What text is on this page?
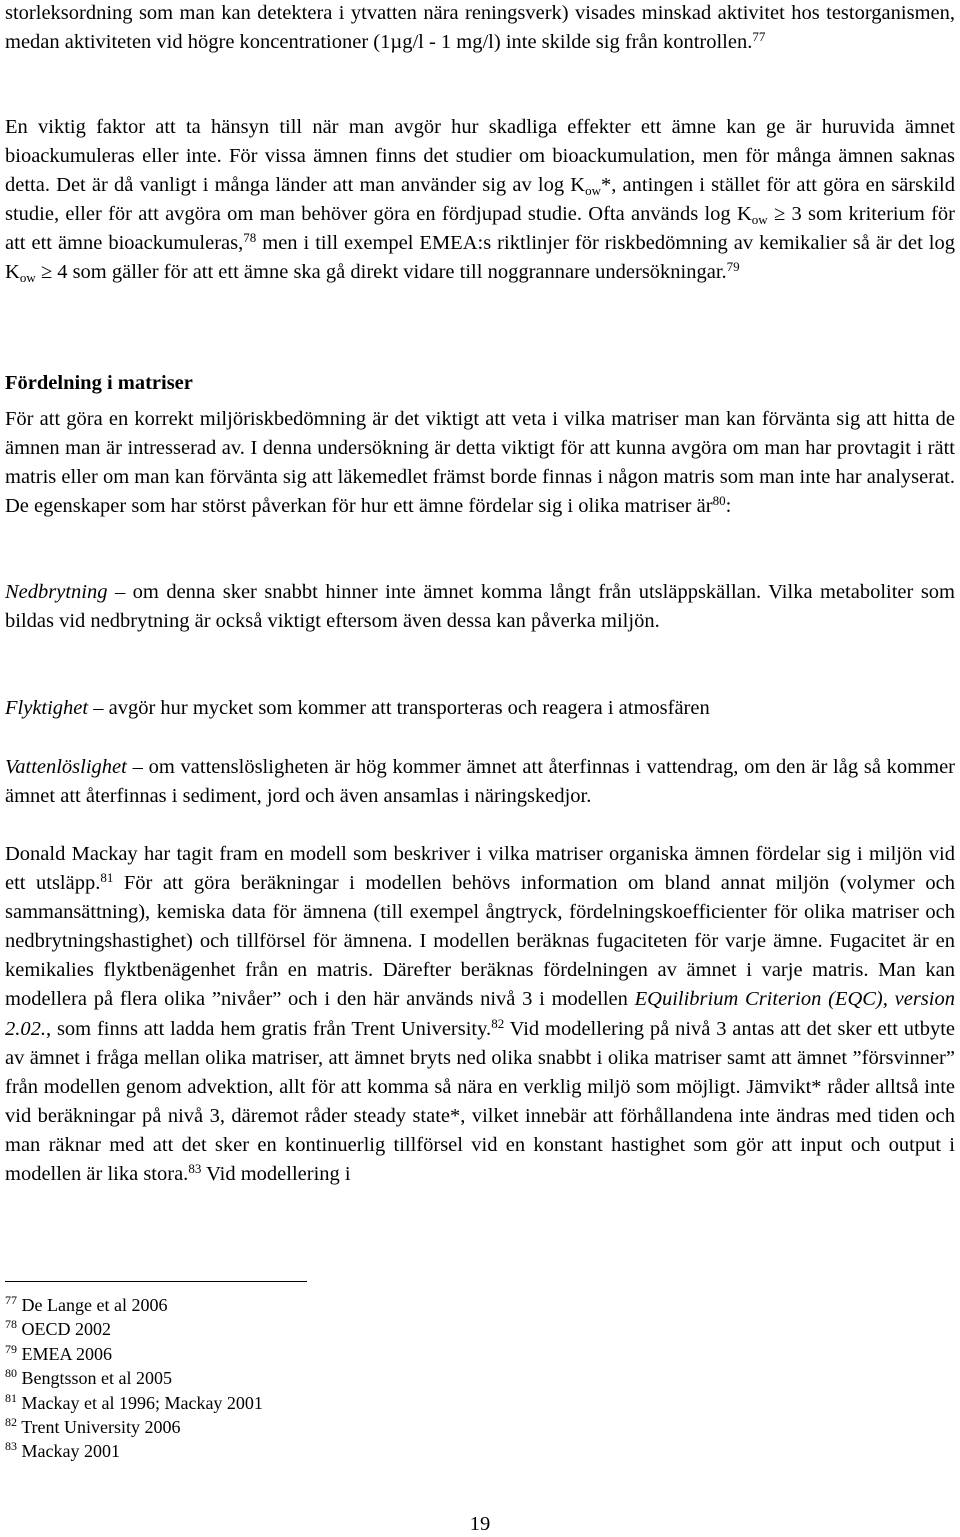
storleksordning som man kan detektera i ytvatten nära reningsverk) visades minskad aktivitet hos testorganismen, medan aktiviteten vid högre koncentrationer (1µg/l - 1 mg/l) inte skilde sig från kontrollen.$^{77}$

En viktig faktor att ta hänsyn till när man avgör hur skadliga effekter ett ämne kan ge är huruvida ämnet bioackumuleras eller inte. För vissa ämnen finns det studier om bioackumulation, men för många ämnen saknas detta. Det är då vanligt i många länder att man använder sig av $\log K_{ow}*$, antingen i stället för att göra en särskild studie, eller för att avgöra om man behöver göra en fördjupad studie. Ofta används $\log K_{ow} \ge 3$ som kriterium för att ett ämne bioackumuleras,$^{78}$ men i till exempel EMEA:s riktlinjer för riskbedömning av kemikalier så är $\det \log K_{ow} \ge 4$ som gäller för att ett ämne ska gå direkt vidare till noggrannare undersökningar.$^{79}$

Fördelning i matriser

För att göra en korrekt miljöriskbedömning är det viktigt att veta i vilka matriser man kan förvänta sig att hitta de ämnen man är intresserad av. I denna undersökning är detta viktigt för att kunna avgöra om man har provtagit i rätt matris eller om man kan förvänta sig att läkemedlet främst borde finnas i någon matris som man inte har analyserat. De egenskaper som har störst påverkan för hur ett ämne fördelar sig i olika matriser $är^{80}$:

Nedbrytning – om denna sker snabbt hinner inte ämnet komma långt från utsläppskällan. Vilka metaboliter som bildas vid nedbrytning är också viktigt eftersom även dessa kan påverka miljön.

Flyktighet – avgör hur mycket som kommer att transporteras och reagera i atmosfären

Vattenlöslighet – om vattenslösligheten är hög kommer ämnet att återfinnas i vattendrag, om den är låg så kommer ämnet att återfinnas i sediment, jord och även ansamlas i näringskedjor.

Donald Mackay har tagit fram en modell som beskriver i vilka matriser organiska ämnen fördelar sig i miljön vid ett utsläpp.$^{81}$ För att göra beräkningar i modellen behövs information om bland annat miljön (volymer och sammansättning), kemiska data för ämnena (till exempel ångtryck, fördelningskoefficienter för olika matriser och nedbrytningshastighet) och tillförsel för ämnena. I modellen beräknas fugaciteten för varje ämne. Fugacitet är en kemikalies flyktbenägenhet från en matris. Därefter beräknas fördelningen av ämnet i varje matris. Man kan modellera på flera olika ”nivåer” och i den här används nivå 3 i modellen EQuilibrium Criterion (EQC), version 2.02., som finns att ladda hem gratis från Trent University.$^{82}$ Vid modellering på nivå 3 antas att det sker ett utbyte av ämnet i fråga mellan olika matriser, att ämnet bryts ned olika snabbt i olika matriser samt att ämnet ”försvinner” från modellen genom advektion, allt för att komma så nära en verklig miljö som möjligt. Jämvikt* råder alltså inte vid beräkningar på nivå 3, däremot råder steady state*, vilket innebär att förhållandena inte ändras med tiden och man räknar med att det sker en kontinuerlig tillförsel vid en konstant hastighet som gör att input och output i modellen är lika stora.$^{83}$ Vid modellering i

$^{77}$ De Lange et al 2006

$^{78}$ OECD 2002

$^{79}$ EMEA 2006

$^{80}$ Bengtsson et al 2005

$^{81}$ Mackay et al 1996; Mackay 2001

$^{82}$ Trent University 2006

$^{83}$ Mackay 2001

19
